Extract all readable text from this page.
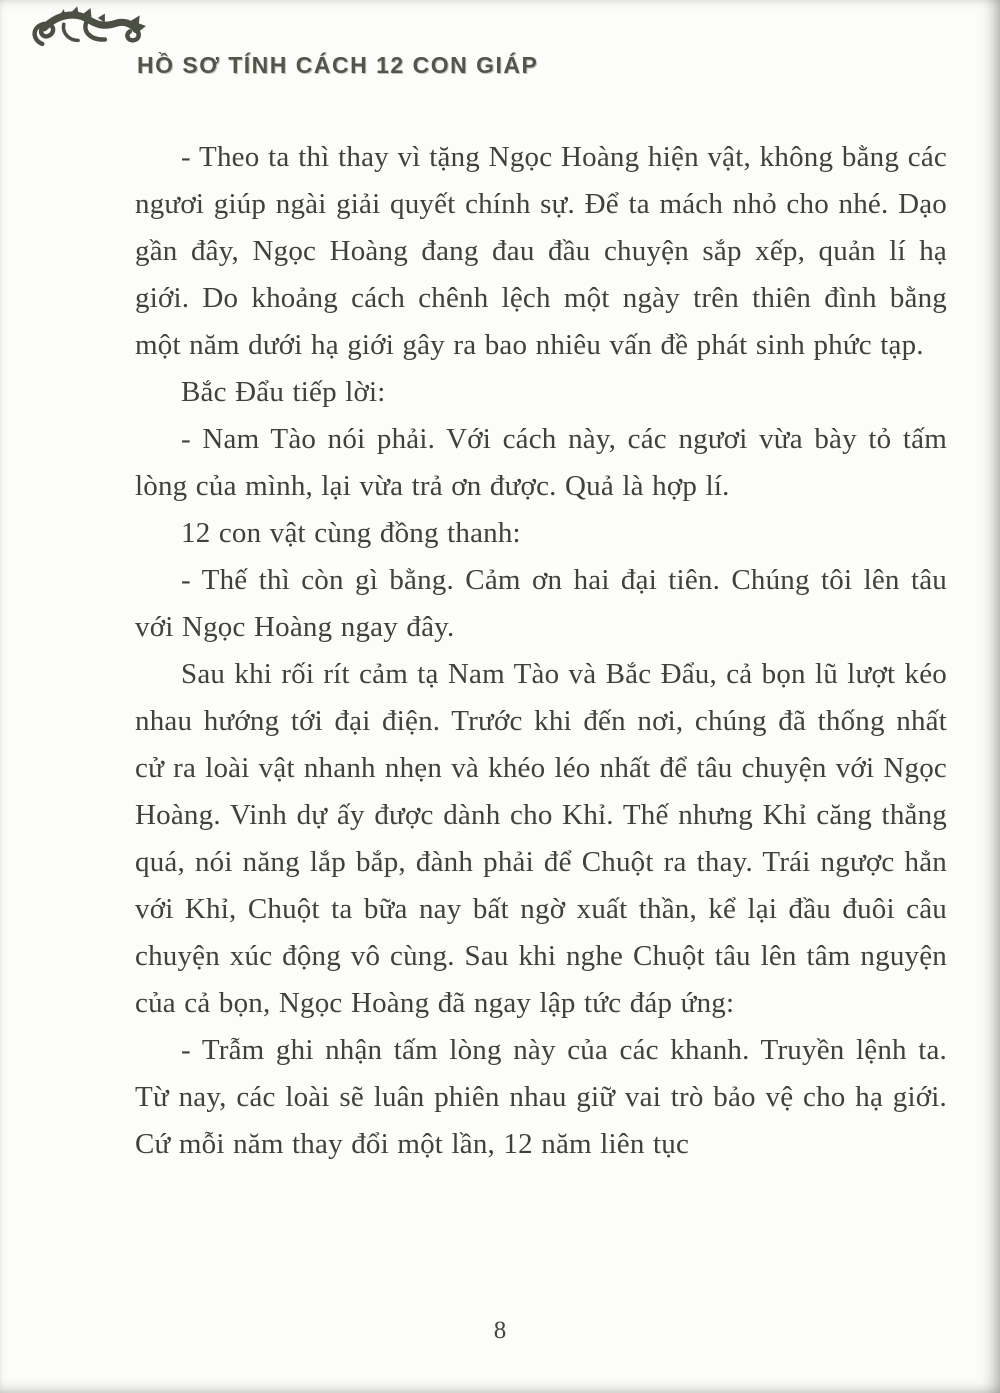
HỒ SƠ TÍNH CÁCH 12 CON GIÁP

- Theo ta thì thay vì tặng Ngọc Hoàng hiện vật, không bằng các ngươi giúp ngài giải quyết chính sự. Để ta mách nhỏ cho nhé. Dạo gần đây, Ngọc Hoàng đang đau đầu chuyện sắp xếp, quản lí hạ giới. Do khoảng cách chênh lệch một ngày trên thiên đình bằng một năm dưới hạ giới gây ra bao nhiêu vấn đề phát sinh phức tạp.

Bắc Đẩu tiếp lời:

- Nam Tào nói phải. Với cách này, các ngươi vừa bày tỏ tấm lòng của mình, lại vừa trả ơn được. Quả là hợp lí.

12 con vật cùng đồng thanh:

- Thế thì còn gì bằng. Cảm ơn hai đại tiên. Chúng tôi lên tâu với Ngọc Hoàng ngay đây.

Sau khi rối rít cảm tạ Nam Tào và Bắc Đẩu, cả bọn lũ lượt kéo nhau hướng tới đại điện. Trước khi đến nơi, chúng đã thống nhất cử ra loài vật nhanh nhẹn và khéo léo nhất để tâu chuyện với Ngọc Hoàng. Vinh dự ấy được dành cho Khỉ. Thế nhưng Khỉ căng thẳng quá, nói năng lắp bắp, đành phải để Chuột ra thay. Trái ngược hẳn với Khỉ, Chuột ta bữa nay bất ngờ xuất thần, kể lại đầu đuôi câu chuyện xúc động vô cùng. Sau khi nghe Chuột tâu lên tâm nguyện của cả bọn, Ngọc Hoàng đã ngay lập tức đáp ứng:

- Trẫm ghi nhận tấm lòng này của các khanh. Truyền lệnh ta. Từ nay, các loài sẽ luân phiên nhau giữ vai trò bảo vệ cho hạ giới. Cứ mỗi năm thay đổi một lần, 12 năm liên tục

8
